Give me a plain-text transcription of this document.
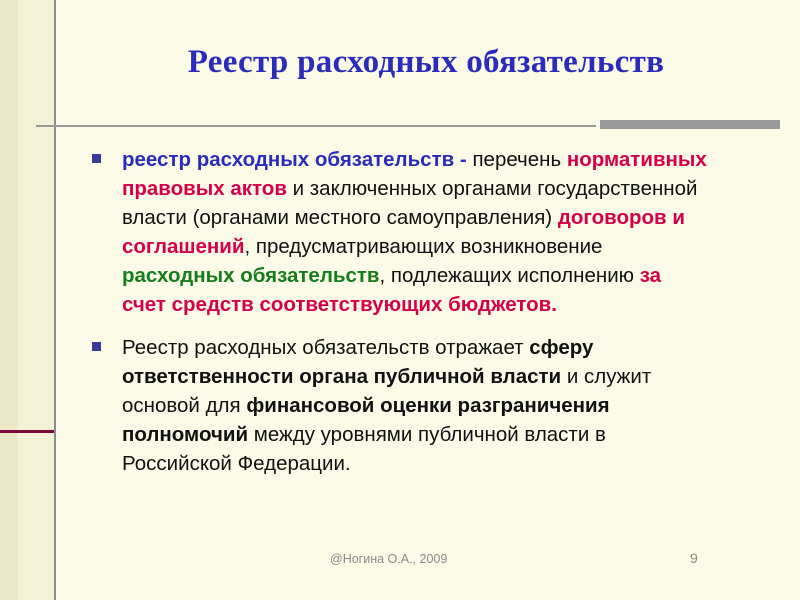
Реестр расходных обязательств
реестр расходных обязательств - перечень нормативных правовых актов и заключенных органами государственной власти (органами местного самоуправления) договоров и соглашений, предусматривающих возникновение расходных обязательств, подлежащих исполнению за счет средств соответствующих бюджетов.
Реестр расходных обязательств отражает сферу ответственности органа публичной власти и служит основой для финансовой оценки разграничения полномочий между уровнями публичной власти в Российской Федерации.
@Ногина О.А., 2009	9
